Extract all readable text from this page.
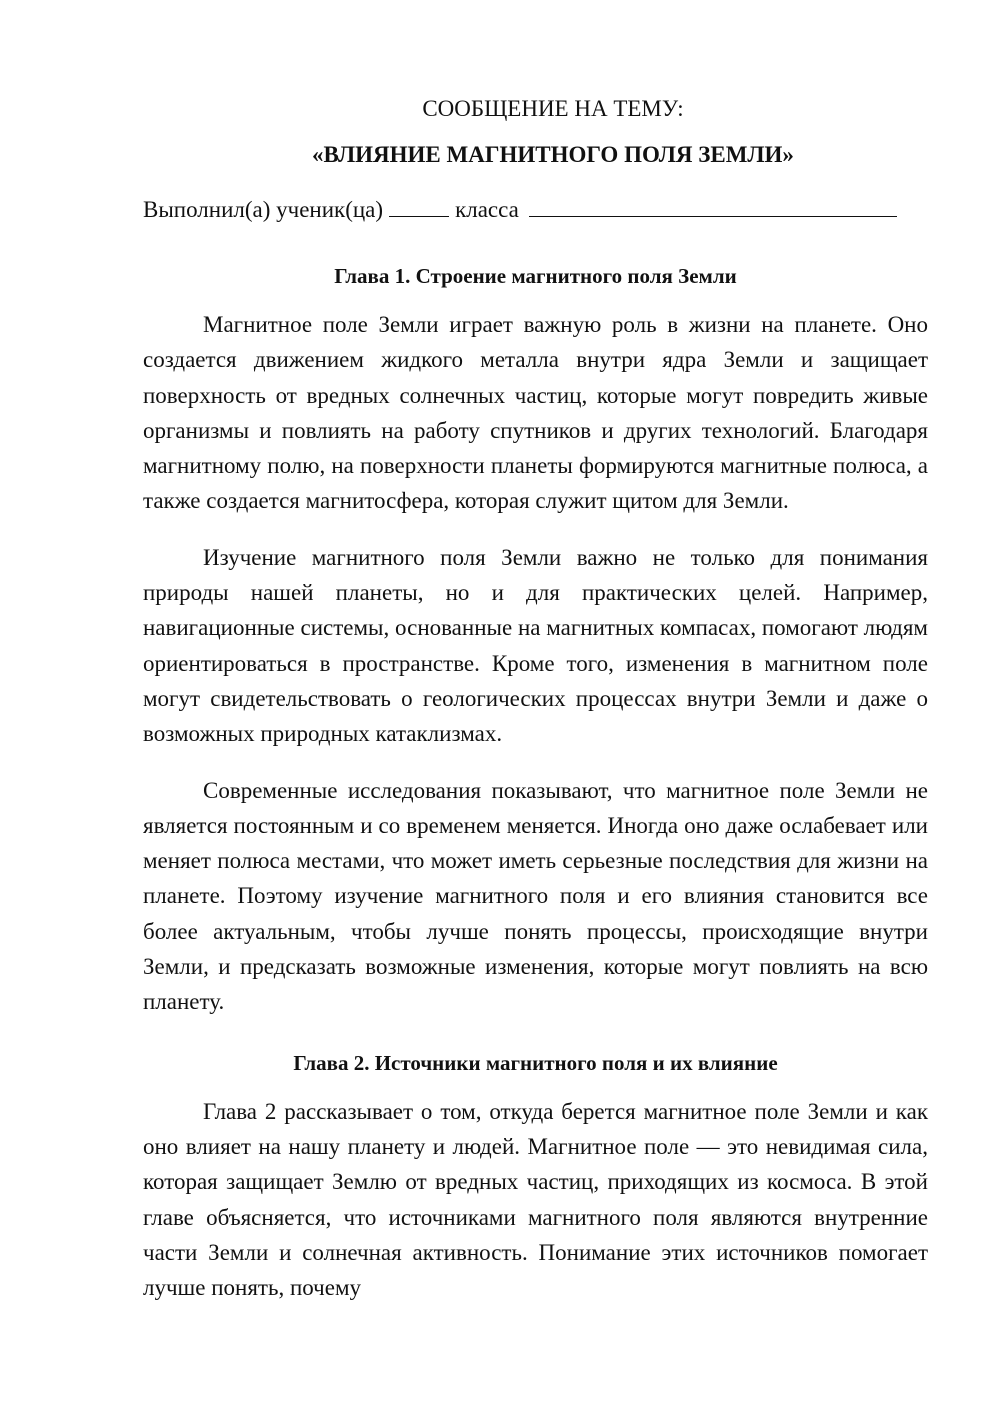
СООБЩЕНИЕ НА ТЕМУ:

«ВЛИЯНИЕ МАГНИТНОГО ПОЛЯ ЗЕМЛИ»

Выполнил(а) ученик(ца)	класса

Глава 1. Строение магнитного поля Земли

Магнитное поле Земли играет важную роль в жизни на планете. Оно создается движением жидкого металла внутри ядра Земли и защищает поверхность от вредных солнечных частиц, которые могут повредить живые организмы и повлиять на работу спутников и других технологий. Благодаря магнитному полю, на поверхности планеты формируются магнитные полюса, а также создается магнитосфера, которая служит щитом для Земли.

Изучение магнитного поля Земли важно не только для понимания природы нашей планеты, но и для практических целей. Например, навигационные системы, основанные на магнитных компасах, помогают людям ориентироваться в пространстве. Кроме того, изменения в магнитном поле могут свидетельствовать о геологических процессах внутри Земли и даже о возможных природных катаклизмах.

Современные исследования показывают, что магнитное поле Земли не является постоянным и со временем меняется. Иногда оно даже ослабевает или меняет полюса местами, что может иметь серьезные последствия для жизни на планете. Поэтому изучение магнитного поля и его влияния становится все более актуальным, чтобы лучше понять процессы, происходящие внутри Земли, и предсказать возможные изменения, которые могут повлиять на всю планету.

Глава 2. Источники магнитного поля и их влияние

Глава 2 рассказывает о том, откуда берется магнитное поле Земли и как оно влияет на нашу планету и людей. Магнитное поле — это невидимая сила, которая защищает Землю от вредных частиц, приходящих из космоса. В этой главе объясняется, что источниками магнитного поля являются внутренние части Земли и солнечная активность. Понимание этих источников помогает лучше понять, почему
